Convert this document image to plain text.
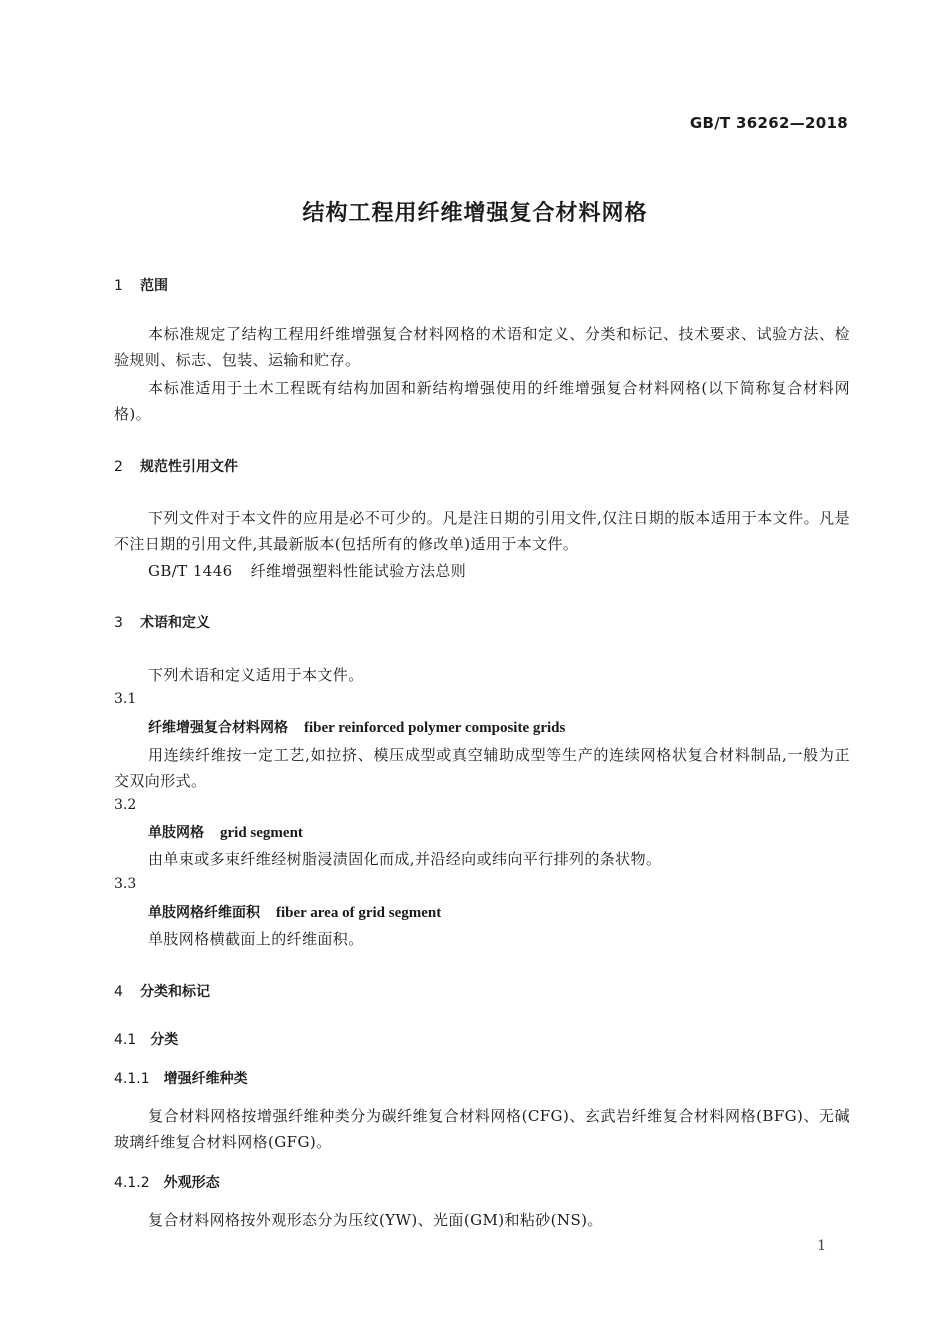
GB/T 36262—2018
结构工程用纤维增强复合材料网格
1 范围
本标准规定了结构工程用纤维增强复合材料网格的术语和定义、分类和标记、技术要求、试验方法、检验规则、标志、包装、运输和贮存。
本标准适用于土木工程既有结构加固和新结构增强使用的纤维增强复合材料网格(以下简称复合材料网格)。
2 规范性引用文件
下列文件对于本文件的应用是必不可少的。凡是注日期的引用文件,仅注日期的版本适用于本文件。凡是不注日期的引用文件,其最新版本(包括所有的修改单)适用于本文件。
GB/T 1446 纤维增强塑料性能试验方法总则
3 术语和定义
下列术语和定义适用于本文件。
3.1
纤维增强复合材料网格 fiber reinforced polymer composite grids
用连续纤维按一定工艺,如拉挤、模压成型或真空辅助成型等生产的连续网格状复合材料制品,一般为正交双向形式。
3.2
单肢网格 grid segment
由单束或多束纤维经树脂浸渍固化而成,并沿经向或纬向平行排列的条状物。
3.3
单肢网格纤维面积 fiber area of grid segment
单肢网格横截面上的纤维面积。
4 分类和标记
4.1 分类
4.1.1 增强纤维种类
复合材料网格按增强纤维种类分为碳纤维复合材料网格(CFG)、玄武岩纤维复合材料网格(BFG)、无碱玻璃纤维复合材料网格(GFG)。
4.1.2 外观形态
复合材料网格按外观形态分为压纹(YW)、光面(GM)和粘砂(NS)。
1
